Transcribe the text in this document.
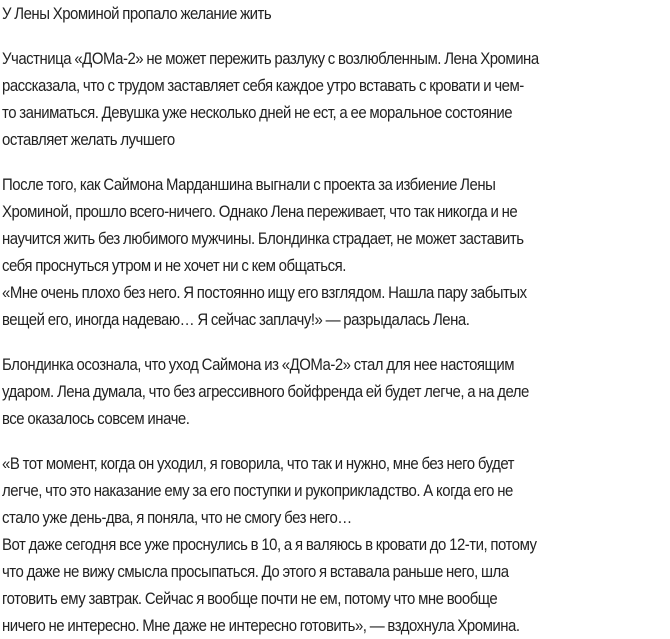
У Лены Хроминой пропало желание жить
Участница «ДОМа-2» не может пережить разлуку с возлюбленным. Лена Хромина
рассказала, что с трудом заставляет себя каждое утро вставать с кровати и чем-
то заниматься. Девушка уже несколько дней не ест, а ее моральное состояние
оставляет желать лучшего
После того, как Саймона Марданшина выгнали с проекта за избиение Лены
Хроминой, прошло всего-ничего. Однако Лена переживает, что так никогда и не
научится жить без любимого мужчины. Блондинка страдает, не может заставить
себя проснуться утром и не хочет ни с кем общаться.
«Мне очень плохо без него. Я постоянно ищу его взглядом. Нашла пару забытых
вещей его, иногда надеваю… Я сейчас заплачу!» — разрыдалась Лена.
Блондинка осознала, что уход Саймона из «ДОМа-2» стал для нее настоящим
ударом. Лена думала, что без агрессивного бойфренда ей будет легче, а на деле
все оказалось совсем иначе.
«В тот момент, когда он уходил, я говорила, что так и нужно, мне без него будет
легче, что это наказание ему за его поступки и рукоприкладство. А когда его не
стало уже день-два, я поняла, что не смогу без него…
Вот даже сегодня все уже проснулись в 10, а я валяюсь в кровати до 12-ти, потому
что даже не вижу смысла просыпаться. До этого я вставала раньше него, шла
готовить ему завтрак. Сейчас я вообще почти не ем, потому что мне вообще
ничего не интересно. Мне даже не интересно готовить», — вздохнула Хромина.
